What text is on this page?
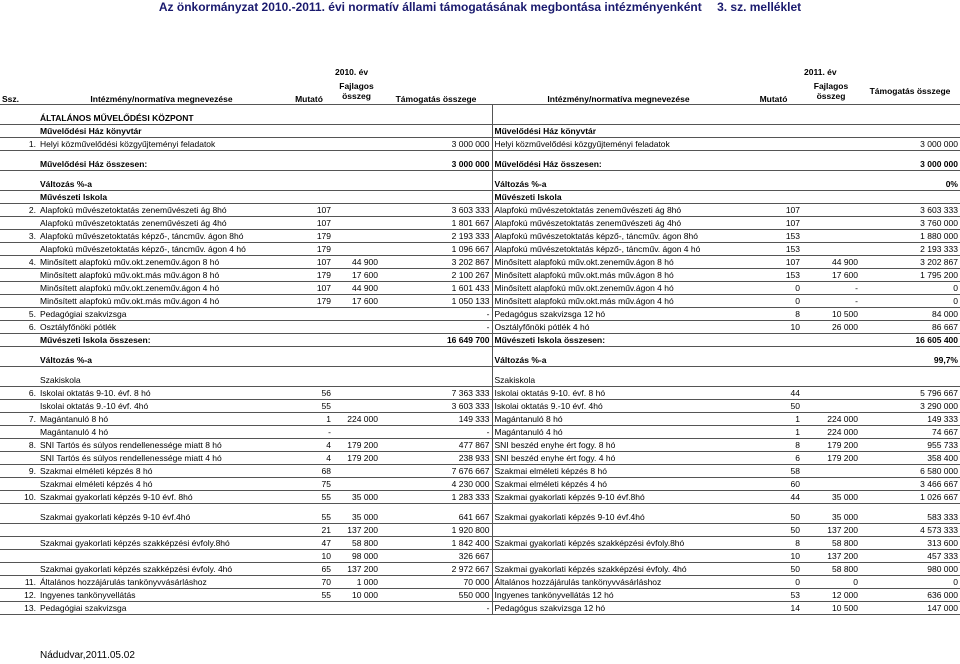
Az önkormányzat 2010.-2011. évi normatív állami támogatásának megbontása intézményenként 3. sz. melléklet
			2010. év				2011. év	
Ssz.	Intézmény/normatíva megnevezése	Mutató	Fajlagos összeg	Támogatás összege	Intézmény/normatíva megnevezése	Mutató	Fajlagos összeg	Támogatás összege

	ÁLTALÁNOS MŰVELŐDÉSI KÖZPONT							
	Művelődési Ház könyvtár				Művelődési Ház könyvtár			
1.	Helyi közművelődési közgyűjteményi feladatok			3 000 000	Helyi közművelődési közgyűjteményi feladatok			3 000 000

	Művelődési Ház összesen:			3 000 000	Művelődési Ház összesen:			3 000 000

	Változás %-a				Változás %-a			0%
	Művészeti Iskola				Művészeti Iskola			
2.	Alapfokú művészetoktatás zeneművészeti ág 8hó	107		3 603 333	Alapfokú művészetoktatás zeneművészeti ág 8hó	107		3 603 333
	Alapfokú művészetoktatás zeneművészeti ág 4hó	107		1 801 667	Alapfokú művészetoktatás zeneművészeti ág 4hó	107		3 760 000
3.	Alapfokú művészetoktatás képző-, táncműv. ágon 8hó	179		2 193 333	Alapfokú művészetoktatás képző-, táncműv. ágon 8hó	153		1 880 000
	Alapfokú művészetoktatás képző-, táncműv. ágon 4 hó	179		1 096 667	Alapfokú művészetoktatás képző-, táncműv. ágon 4 hó	153		2 193 333
4.	Minősített alapfokú műv.okt.zeneműv.ágon 8 hó	107	44 900	3 202 867	Minősített alapfokú műv.okt.zeneműv.ágon 8 hó	107	44 900	3 202 867
	Minősített alapfokú műv.okt.más műv.ágon 8 hó	179	17 600	2 100 267	Minősített alapfokú műv.okt.más műv.ágon 8 hó	153	17 600	1 795 200
	Minősített alapfokú műv.okt.zeneműv.ágon 4 hó	107	44 900	1 601 433	Minősített alapfokú műv.okt.zeneműv.ágon 4 hó	0	-	0
	Minősített alapfokú műv.okt.más műv.ágon 4 hó	179	17 600	1 050 133	Minősített alapfokú műv.okt.más műv.ágon 4 hó	0	-	0
5.	Pedagógiai szakvizsga			-	Pedagógus szakvizsga 12 hó	8	10 500	84 000
6.	Osztályfőnöki pótlék			-	Osztályfőnöki pótlék 4 hó	10	26 000	86 667
	Művészeti Iskola összesen:			16 649 700	Művészeti Iskola összesen:			16 605 400

	Változás %-a				Változás %-a			99,7%

	Szakiskola				Szakiskola			
6.	Iskolai oktatás 9-10. évf. 8 hó	56		7 363 333	Iskolai oktatás 9-10. évf. 8 hó	44		5 796 667
	Iskolai oktatás 9.-10 évf. 4hó	55		3 603 333	Iskolai oktatás 9.-10 évf. 4hó	50		3 290 000
7.	Magántanuló 8 hó	1	224 000	149 333	Magántanuló 8 hó	1	224 000	149 333
	Magántanuló 4 hó	-		-	Magántanuló 4 hó	1	224 000	74 667
8.	SNI Tartós és súlyos rendellenessége miatt 8 hó	4	179 200	477 867	SNI beszéd enyhe ért fogy. 8 hó	8	179 200	955 733
	SNI Tartós és súlyos rendellenessége miatt 4 hó	4	179 200	238 933	SNI beszéd enyhe ért fogy. 4 hó	6	179 200	358 400
9.	Szakmai elméleti képzés 8 hó	68		7 676 667	Szakmai elméleti képzés 8 hó	58		6 580 000
	Szakmai elméleti képzés 4 hó	75		4 230 000	Szakmai elméleti képzés 4 hó	60		3 466 667
10.	Szakmai gyakorlati képzés 9-10 évf. 8hó	55	35 000	1 283 333	Szakmai gyakorlati képzés 9-10 évf.8hó	44	35 000	1 026 667

	Szakmai gyakorlati képzés 9-10 évf.4hó	55	35 000	641 667	Szakmai gyakorlati képzés 9-10 évf.4hó	50	35 000	583 333
		21	137 200	1 920 800		50	137 200	4 573 333
	Szakmai gyakorlati képzés szakképzési évfoly.8hó	47	58 800	1 842 400	Szakmai gyakorlati képzés szakképzési évfoly.8hó	8	58 800	313 600
		10	98 000	326 667		10	137 200	457 333
	Szakmai gyakorlati képzés szakképzési évfoly. 4hó	65	137 200	2 972 667	Szakmai gyakorlati képzés szakképzési évfoly. 4hó	50	58 800	980 000
11.	Általános hozzájárulás tankönyvvásárláshoz	70	1 000	70 000	Általános hozzájárulás tankönyvvásárláshoz	0	0	0
12.	Ingyenes tankönyvellátás	55	10 000	550 000	Ingyenes tankönyvellátás 12 hó	53	12 000	636 000
13.	Pedagógiai szakvizsga			-	Pedagógus szakvizsga 12 hó	14	10 500	147 000
Nádudvar,2011.05.02
